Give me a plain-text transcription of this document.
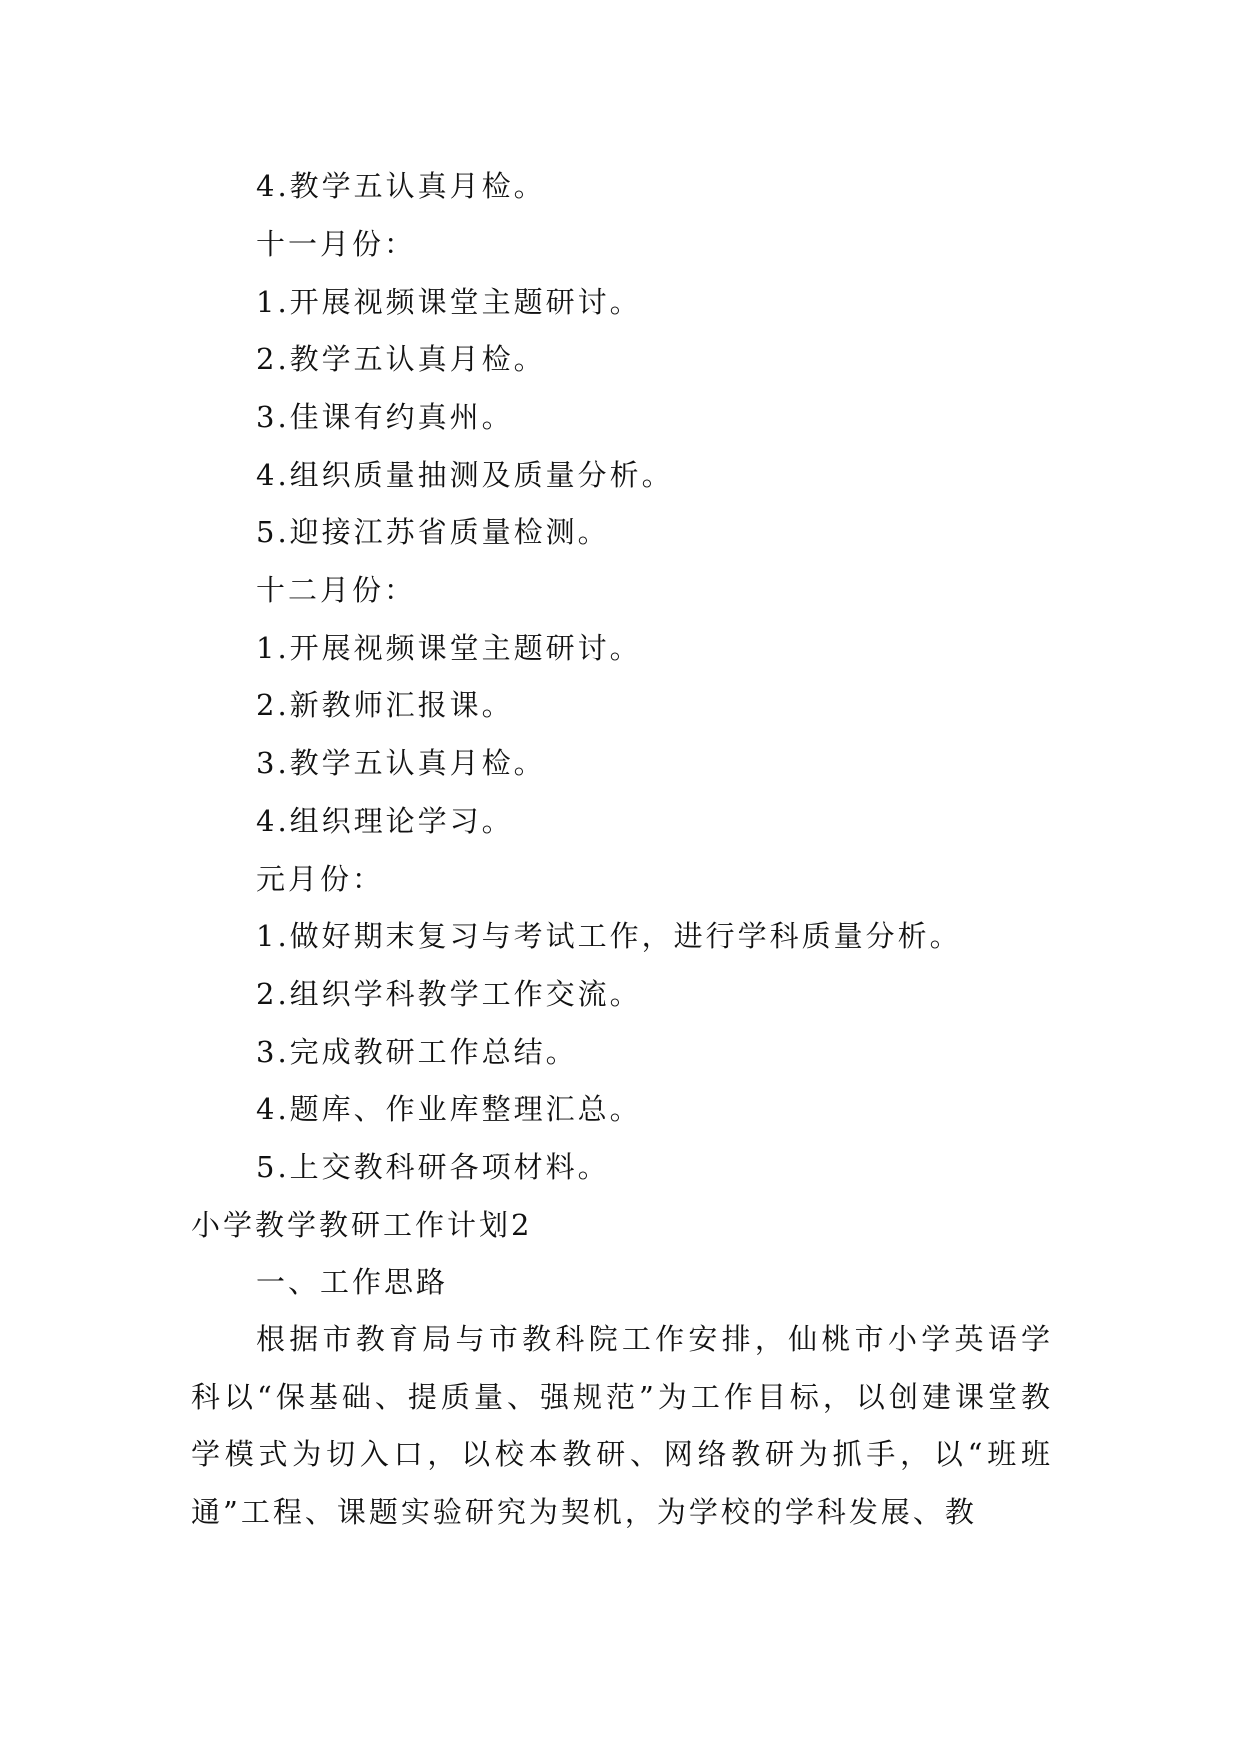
4.教学五认真月检。
十一月份：
1.开展视频课堂主题研讨。
2.教学五认真月检。
3.佳课有约真州。
4.组织质量抽测及质量分析。
5.迎接江苏省质量检测。
十二月份：
1.开展视频课堂主题研讨。
2.新教师汇报课。
3.教学五认真月检。
4.组织理论学习。
元月份：
1.做好期末复习与考试工作，进行学科质量分析。
2.组织学科教学工作交流。
3.完成教研工作总结。
4.题库、作业库整理汇总。
5.上交教科研各项材料。
小学教学教研工作计划2
一、工作思路
根据市教育局与市教科院工作安排，仙桃市小学英语学科以“保基础、提质量、强规范”为工作目标，以创建课堂教学模式为切入口，以校本教研、网络教研为抓手，以“班班通”工程、课题实验研究为契机，为学校的学科发展、教
